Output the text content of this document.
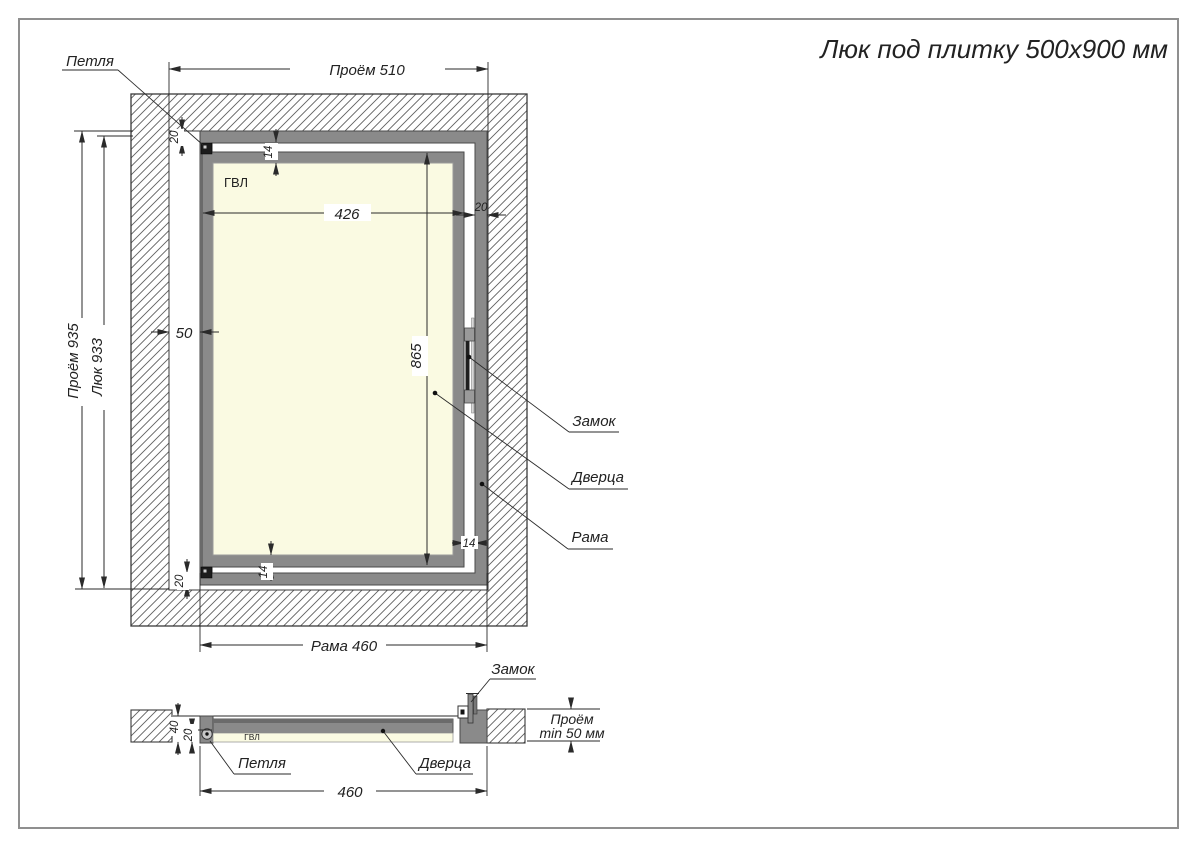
Люк под плитку 500х900 мм
Проём 510
Проём 935 Люк 933
426
865
50
20
14
14
14
20
20
Рама 460
ГВЛ
Петля
Замок
Дверца
Рама
ГВЛ
40
20
460
Проём
min 50 мм
Замок
Петля	Дверца
